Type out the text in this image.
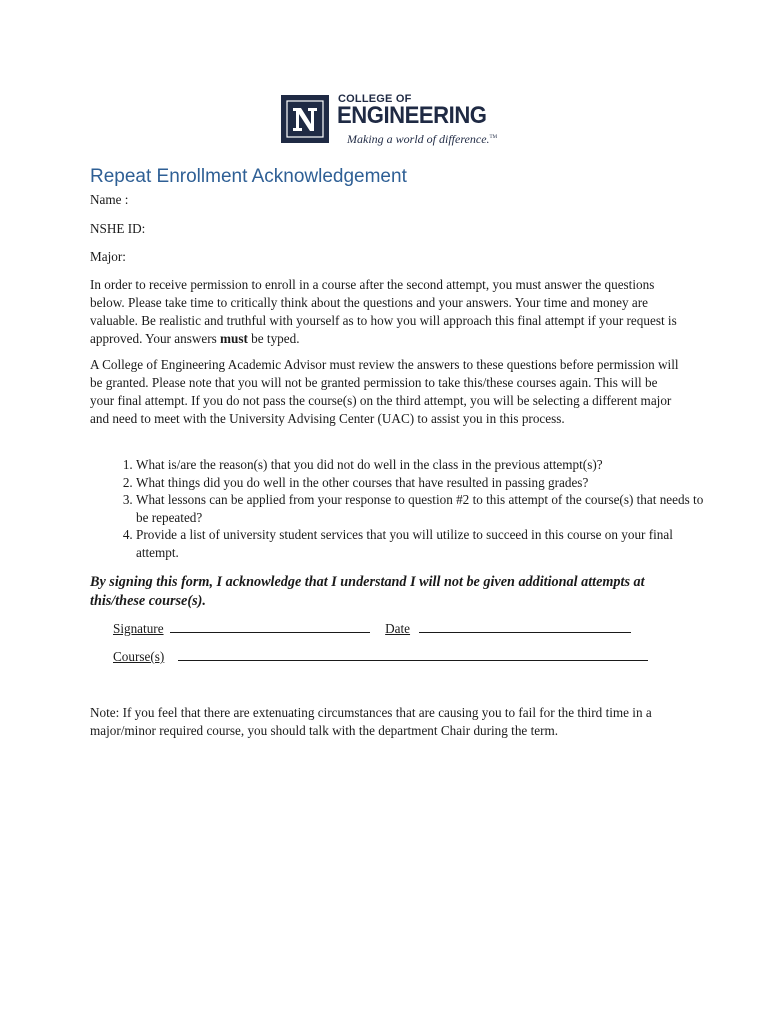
COLLEGE OF
ENGINEERING
Making a world of difference.™
Repeat Enrollment Acknowledgement
Name :
NSHE ID:
Major:

In order to receive permission to enroll in a course after the second attempt, you must answer the questions below. Please take time to critically think about the questions and your answers. Your time and money are valuable. Be realistic and truthful with yourself as to how you will approach this final attempt if your request is approved. Your answers must be typed.

A College of Engineering Academic Advisor must review the answers to these questions before permission will be granted. Please note that you will not be granted permission to take this/these courses again. This will be your final attempt. If you do not pass the course(s) on the third attempt, you will be selecting a different major and need to meet with the University Advising Center (UAC) to assist you in this process.

1. What is/are the reason(s) that you did not do well in the class in the previous attempt(s)?
2. What things did you do well in the other courses that have resulted in passing grades?
3. What lessons can be applied from your response to question #2 to this attempt of the course(s) that needs to be repeated?
4. Provide a list of university student services that you will utilize to succeed in this course on your final attempt.

By signing this form, I acknowledge that I understand I will not be given additional attempts at this/these course(s).

Signature	Date
Course(s)

Note: If you feel that there are extenuating circumstances that are causing you to fail for the third time in a major/minor required course, you should talk with the department Chair during the term.
